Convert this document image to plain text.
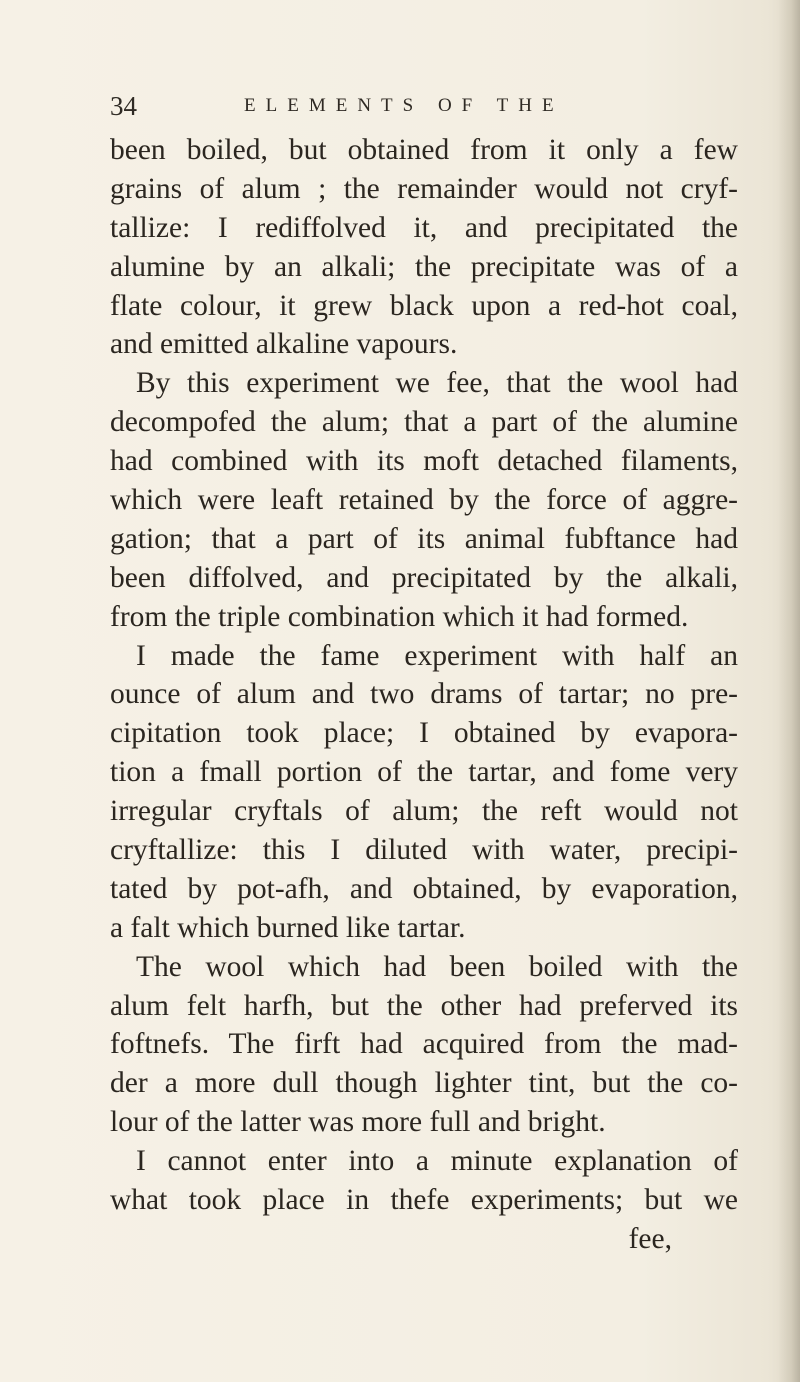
34	ELEMENTS OF THE
been boiled, but obtained from it only a few
grains of alum ; the remainder would not cryf-
tallize: I rediffolved it, and precipitated the
alumine by an alkali; the precipitate was of a
flate colour, it grew black upon a red-hot coal,
and emitted alkaline vapours.
By this experiment we fee, that the wool had
decompofed the alum; that a part of the alumine
had combined with its moft detached filaments,
which were leaft retained by the force of aggre-
gation; that a part of its animal fubftance had
been diffolved, and precipitated by the alkali,
from the triple combination which it had formed.
I made the fame experiment with half an
ounce of alum and two drams of tartar; no pre-
cipitation took place; I obtained by evapora-
tion a fmall portion of the tartar, and fome very
irregular cryftals of alum; the reft would not
cryftallize: this I diluted with water, precipi-
tated by pot-afh, and obtained, by evaporation,
a falt which burned like tartar.
The wool which had been boiled with the
alum felt harfh, but the other had preferved its
foftnefs. The firft had acquired from the mad-
der a more dull though lighter tint, but the co-
lour of the latter was more full and bright.
I cannot enter into a minute explanation of
what took place in thefe experiments; but we
fee,
